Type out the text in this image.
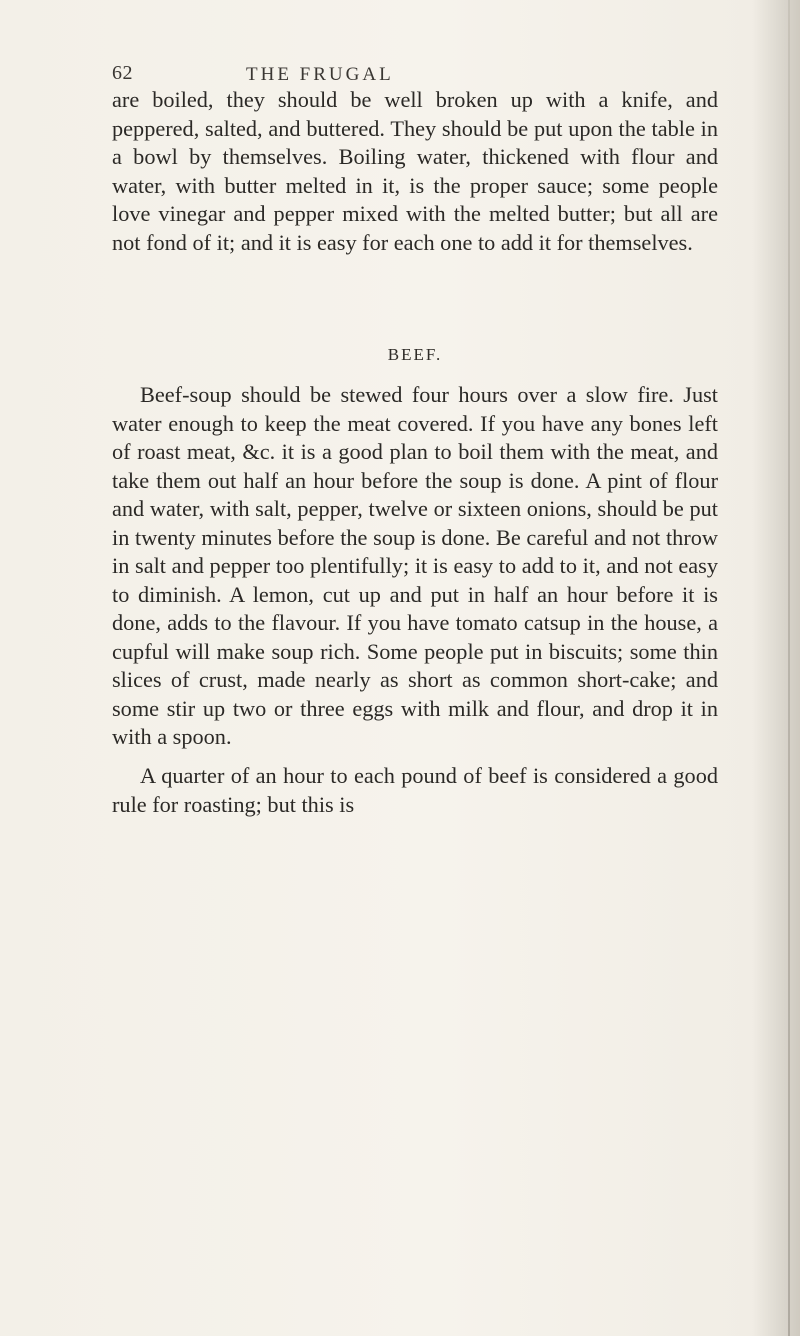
62	THE FRUGAL

are boiled, they should be well broken up with a knife, and peppered, salted, and buttered. They should be put upon the table in a bowl by themselves. Boiling water, thickened with flour and water, with butter melted in it, is the proper sauce; some people love vinegar and pepper mixed with the melted butter; but all are not fond of it; and it is easy for each one to add it for themselves.

BEEF.

Beef-soup should be stewed four hours over a slow fire. Just water enough to keep the meat covered. If you have any bones left of roast meat, &c. it is a good plan to boil them with the meat, and take them out half an hour before the soup is done. A pint of flour and water, with salt, pepper, twelve or sixteen onions, should be put in twenty minutes before the soup is done. Be careful and not throw in salt and pepper too plentifully; it is easy to add to it, and not easy to diminish. A lemon, cut up and put in half an hour before it is done, adds to the flavour. If you have tomato catsup in the house, a cupful will make soup rich. Some people put in biscuits; some thin slices of crust, made nearly as short as common short-cake; and some stir up two or three eggs with milk and flour, and drop it in with a spoon.

A quarter of an hour to each pound of beef is considered a good rule for roasting; but this is
